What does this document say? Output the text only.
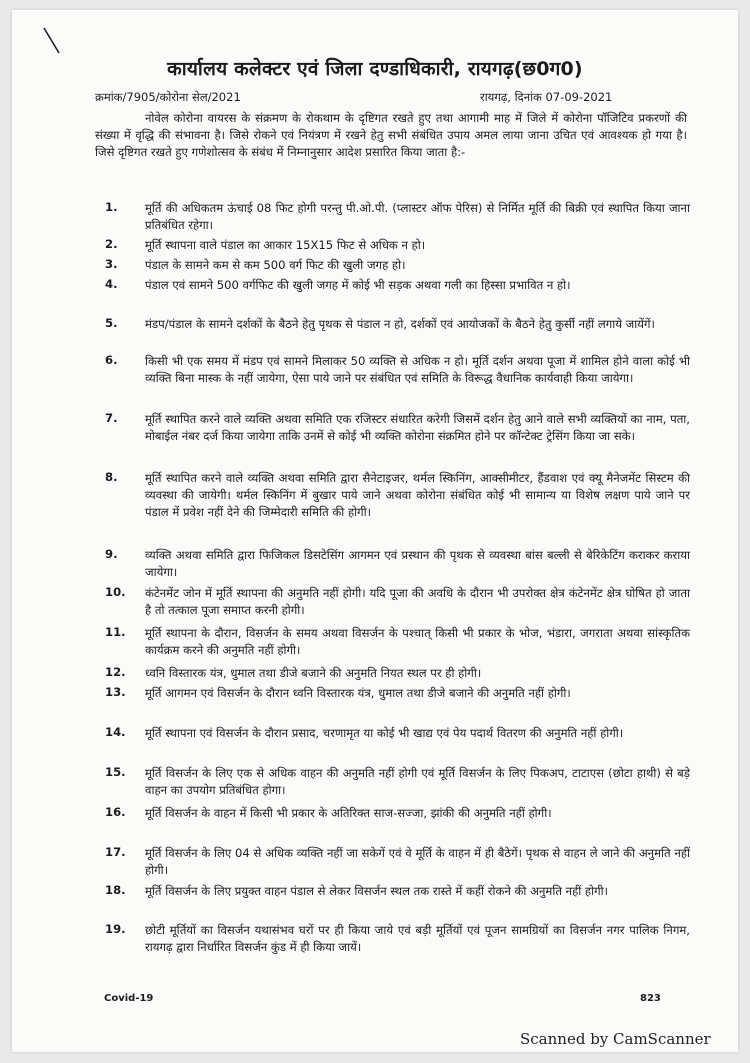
कार्यालय कलेक्टर एवं जिला दण्डाधिकारी, रायगढ़(छ0ग0)
क्रमांक/7905/कोरोना सेल/2021	रायगढ़, दिनांक 07-09-2021
नोवेल कोरोना वायरस के संक्रमण के रोकथाम के दृष्टिगत रखते हुए तथा आगामी माह में जिले में कोरोना पॉजिटिव प्रकरणों की संख्या में वृद्धि की संभावना है। जिसे रोकने एवं नियंत्रण में रखने हेतु सभी संबंधित उपाय अमल लाया जाना उचित एवं आवश्यक हो गया है। जिसे दृष्टिगत रखते हुए गणेशोत्सव के संबंध में निम्नानुसार आदेश प्रसारित किया जाता है:-
1. मूर्ति की अधिकतम ऊंचाई 08 फिट होगी परन्तु पी.ओ.पी. (प्लास्टर ऑफ पेरिस) से निर्मित मूर्ति की बिक्री एवं स्थापित किया जाना प्रतिबंधित रहेगा।
2. मूर्ति स्थापना वाले पंडाल का आकार 15X15 फिट से अधिक न हो।
3. पंडाल के सामने कम से कम 500 वर्ग फिट की खुली जगह हो।
4. पंडाल एवं सामने 500 वर्गफिट की खुली जगह में कोई भी सड़क अथवा गली का हिस्सा प्रभावित न हो।
5. मंडप/पंडाल के सामने दर्शकों के बैठने हेतु पृथक से पंडाल न हो, दर्शकों एवं आयोजकों के बैठने हेतु कुर्सी नहीं लगाये जायेंगें।
6. किसी भी एक समय में मंडप एवं सामने मिलाकर 50 व्यक्ति से अधिक न हो। मूर्ति दर्शन अथवा पूजा में शामिल होने वाला कोई भी व्यक्ति बिना मास्क के नहीं जायेगा, ऐसा पाये जाने पर संबंधित एवं समिति के विरूद्ध वैधानिक कार्यवाही किया जायेगा।
7. मूर्ति स्थापित करने वाले व्यक्ति अथवा समिति एक रजिस्टर संधारित करेगी जिसमें दर्शन हेतु आने वाले सभी व्यक्तियों का नाम, पता, मोबाईल नंबर दर्ज किया जायेगा ताकि उनमें से कोई भी व्यक्ति कोरोना संक्रमित होने पर कॉन्टेक्ट ट्रेसिंग किया जा सके।
8. मूर्ति स्थापित करने वाले व्यक्ति अथवा समिति द्वारा सैनेटाइजर, थर्मल स्किनिंग, आक्सीमीटर, हैंडवाश एवं क्यू मैनेजमेंट सिस्टम की व्यवस्था की जायेगी। थर्मल स्किनिंग में बुखार पाये जाने अथवा कोरोना संबंधित कोई भी सामान्य या विशेष लक्षण पाये जाने पर पंडाल में प्रवेश नहीं देने की जिम्मेदारी समिति की होगी।
9. व्यक्ति अथवा समिति द्वारा फिजिकल डिसटेसिंग आगमन एवं प्रस्थान की पृथक से व्यवस्था बांस बल्ली से बेरिकेटिंग कराकर कराया जायेगा।
10. कंटेनमेंट जोन में मूर्ति स्थापना की अनुमति नहीं होगी। यदि पूजा की अवधि के दौरान भी उपरोक्त क्षेत्र कंटेनमेंट क्षेत्र घोषित हो जाता है तो तत्काल पूजा समाप्त करनी होगी।
11. मूर्ति स्थापना के दौरान, विसर्जन के समय अथवा विसर्जन के पश्चात् किसी भी प्रकार के भोज, भंडारा, जगराता अथवा सांस्कृतिक कार्यक्रम करने की अनुमति नहीं होगी।
12. ध्वनि विस्तारक यंत्र, धुमाल तथा डीजे बजाने की अनुमति नियत स्थल पर ही होगी।
13. मूर्ति आगमन एवं विसर्जन के दौरान ध्वनि विस्तारक यंत्र, धुमाल तथा डीजे बजाने की अनुमति नहीं होगी।
14. मूर्ति स्थापना एवं विसर्जन के दौरान प्रसाद, चरणामृत या कोई भी खाद्य एवं पेय पदार्थ वितरण की अनुमति नहीं होगी।
15. मूर्ति विसर्जन के लिए एक से अधिक वाहन की अनुमति नहीं होगी एवं मूर्ति विसर्जन के लिए पिकअप, टाटाएस (छोटा हाथी) से बड़े वाहन का उपयोग प्रतिबंधित होगा।
16. मूर्ति विसर्जन के वाहन में किसी भी प्रकार के अतिरिक्त साज-सज्जा, झांकी की अनुमति नहीं होगी।
17. मूर्ति विसर्जन के लिए 04 से अधिक व्यक्ति नहीं जा सकेगें एवं वे मूर्ति के वाहन में ही बैठेगें। पृथक से वाहन ले जाने की अनुमति नहीं होगी।
18. मूर्ति विसर्जन के लिए प्रयुक्त वाहन पंडाल से लेकर विसर्जन स्थल तक रास्ते में कहीं रोकने की अनुमति नहीं होगी।
19. छोटी मूर्तियों का विसर्जन यथासंभव घरों पर ही किया जाये एवं बड़ी मूर्तियों एवं पूजन सामग्रियों का विसर्जन नगर पालिक निगम, रायगढ़ द्वारा निर्धारित विसर्जन कुंड में ही किया जायें।
Covid-19	823
Scanned by CamScanner
